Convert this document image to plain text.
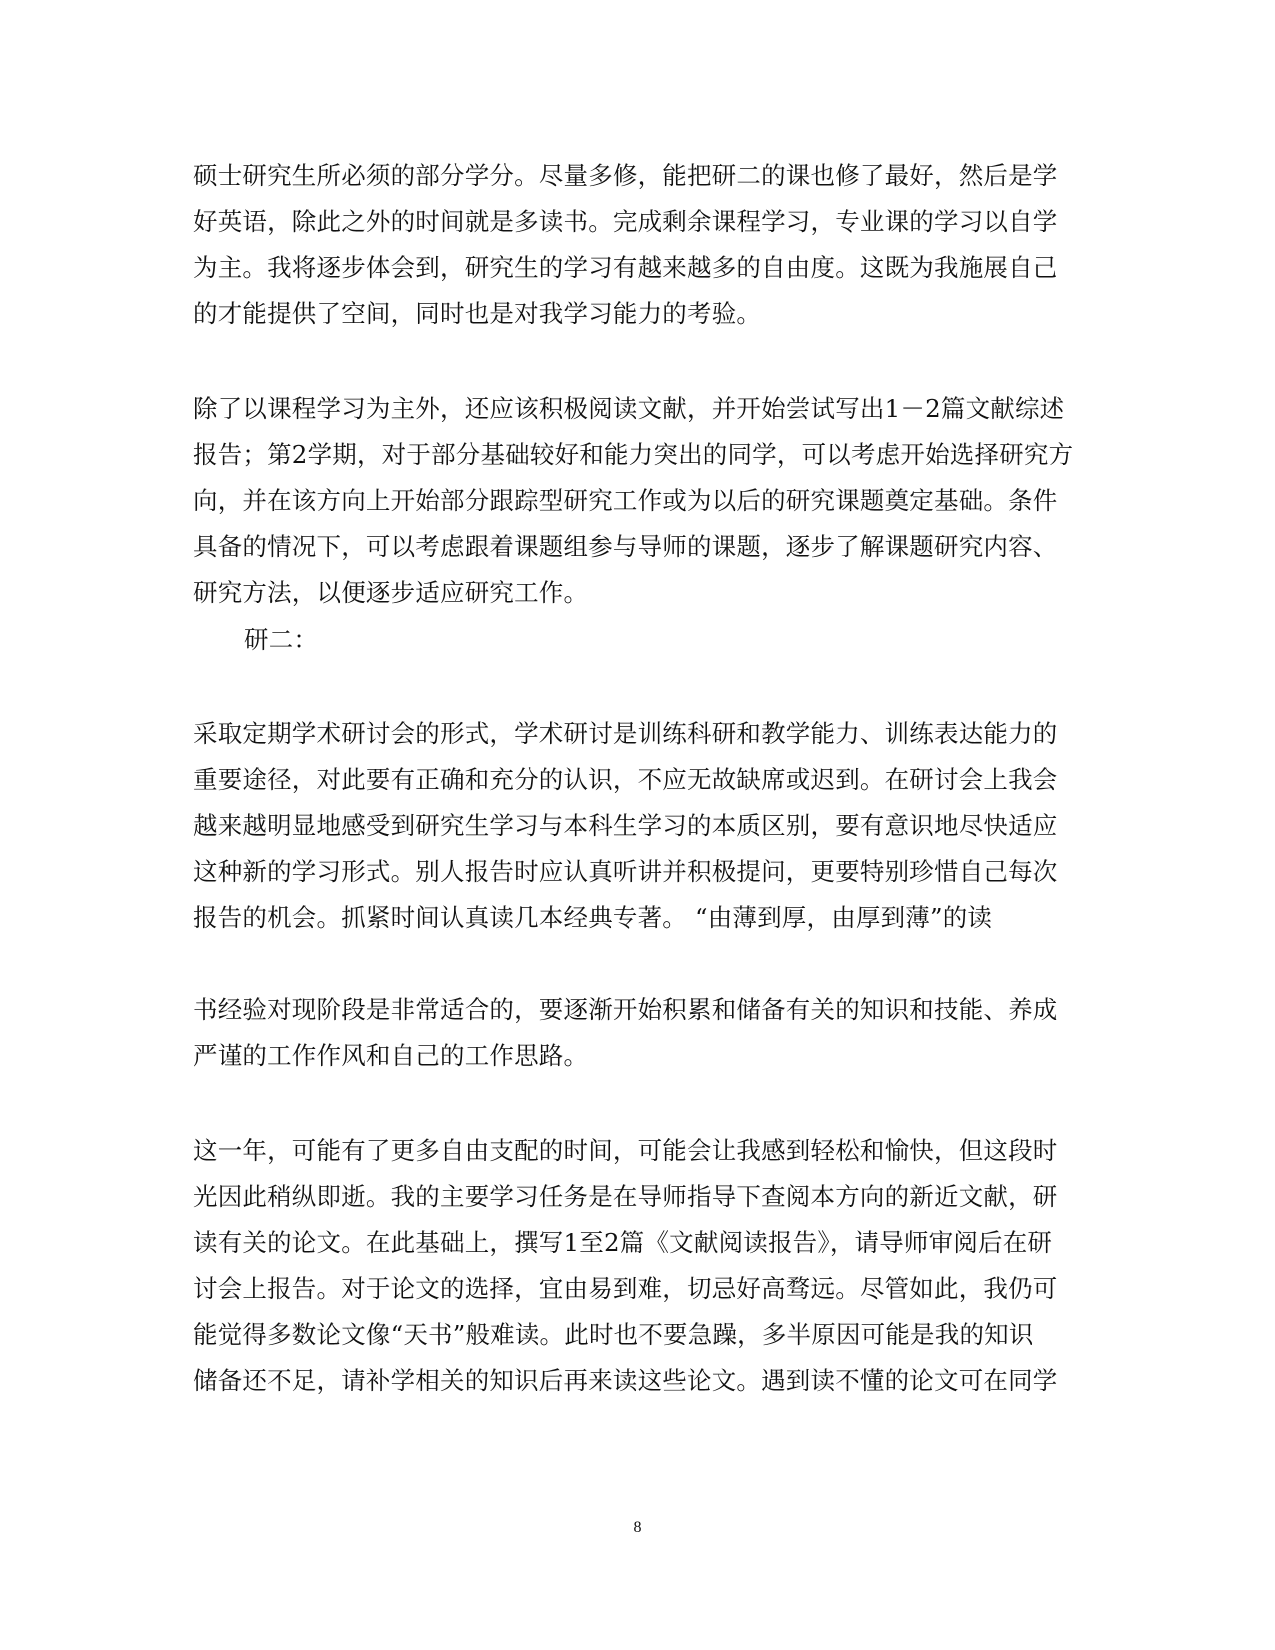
硕士研究生所必须的部分学分。尽量多修，能把研二的课也修了最好，然后是学
好英语，除此之外的时间就是多读书。完成剩余课程学习，专业课的学习以自学
为主。我将逐步体会到，研究生的学习有越来越多的自由度。这既为我施展自己
的才能提供了空间，同时也是对我学习能力的考验。
除了以课程学习为主外，还应该积极阅读文献，并开始尝试写出1－2篇文献综述
报告；第2学期，对于部分基础较好和能力突出的同学，可以考虑开始选择研究方
向，并在该方向上开始部分跟踪型研究工作或为以后的研究课题奠定基础。条件
具备的情况下，可以考虑跟着课题组参与导师的课题，逐步了解课题研究内容、
研究方法，以便逐步适应研究工作。
研二：
采取定期学术研讨会的形式，学术研讨是训练科研和教学能力、训练表达能力的
重要途径，对此要有正确和充分的认识，不应无故缺席或迟到。在研讨会上我会
越来越明显地感受到研究生学习与本科生学习的本质区别，要有意识地尽快适应
这种新的学习形式。别人报告时应认真听讲并积极提问，更要特别珍惜自己每次
报告的机会。抓紧时间认真读几本经典专著。 “由薄到厚，由厚到薄”的读
书经验对现阶段是非常适合的，要逐渐开始积累和储备有关的知识和技能、养成
严谨的工作作风和自己的工作思路。
这一年，可能有了更多自由支配的时间，可能会让我感到轻松和愉快，但这段时
光因此稍纵即逝。我的主要学习任务是在导师指导下查阅本方向的新近文献，研
读有关的论文。在此基础上，撰写1至2篇《文献阅读报告》，请导师审阅后在研
讨会上报告。对于论文的选择，宜由易到难，切忌好高骛远。尽管如此，我仍可
能觉得多数论文像“天书”般难读。此时也不要急躁，多半原因可能是我的知识
储备还不足，请补学相关的知识后再来读这些论文。遇到读不懂的论文可在同学
8
